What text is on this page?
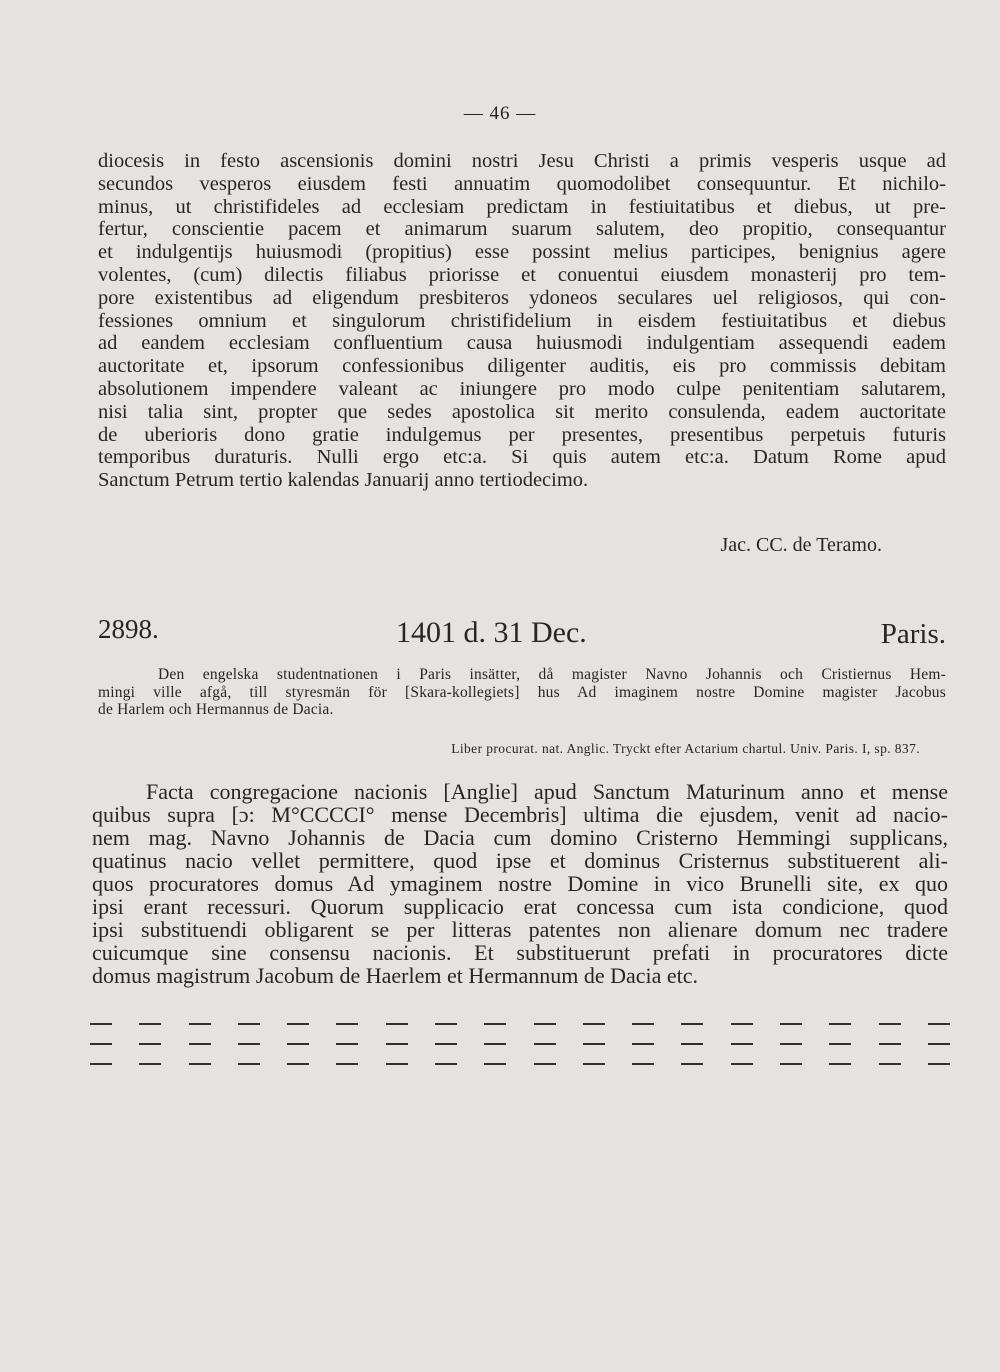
— 46 —
diocesis in festo ascensionis domini nostri Jesu Christi a primis vesperis usque ad
secundos vesperos eiusdem festi annuatim quomodolibet consequuntur. Et nichilo-
minus, ut christifideles ad ecclesiam predictam in festiuitatibus et diebus, ut pre-
fertur, conscientie pacem et animarum suarum salutem, deo propitio, consequantur
et indulgentijs huiusmodi (propitius) esse possint melius participes, benignius agere
volentes, (cum) dilectis filiabus priorisse et conuentui eiusdem monasterij pro tem-
pore existentibus ad eligendum presbiteros ydoneos seculares uel religiosos, qui con-
fessiones omnium et singulorum christifidelium in eisdem festiuitatibus et diebus
ad eandem ecclesiam confluentium causa huiusmodi indulgentiam assequendi eadem
auctoritate et, ipsorum confessionibus diligenter auditis, eis pro commissis debitam
absolutionem impendere valeant ac iniungere pro modo culpe penitentiam salutarem,
nisi talia sint, propter que sedes apostolica sit merito consulenda, eadem auctoritate
de uberioris dono gratie indulgemus per presentes, presentibus perpetuis futuris
temporibus duraturis. Nulli ergo etc:a. Si quis autem etc:a. Datum Rome apud
Sanctum Petrum tertio kalendas Januarij anno tertiodecimo.
Jac. CC. de Teramo.
2898.	1401 d. 31 Dec.	Paris.
Den engelska studentnationen i Paris insätter, då magister Navno Johannis och Cristiernus Hem-
mingi ville afgå, till styresmän för [Skara-kollegiets] hus Ad imaginem nostre Domine magister Jacobus
de Harlem och Hermannus de Dacia.
Liber procurat. nat. Anglic. Tryckt efter Actarium chartul. Univ. Paris. I, sp. 837.
Facta congregacione nacionis [Anglie] apud Sanctum Maturinum anno et mense
quibus supra [ɔ: M°CCCCI° mense Decembris] ultima die ejusdem, venit ad nacio-
nem mag. Navno Johannis de Dacia cum domino Cristerno Hemmingi supplicans,
quatinus nacio vellet permittere, quod ipse et dominus Cristernus substituerent ali-
quos procuratores domus Ad ymaginem nostre Domine in vico Brunelli site, ex quo
ipsi erant recessuri. Quorum supplicacio erat concessa cum ista condicione, quod
ipsi substituendi obligarent se per litteras patentes non alienare domum nec tradere
cuicumque sine consensu nacionis. Et substituerunt prefati in procuratores dicte
domus magistrum Jacobum de Haerlem et Hermannum de Dacia etc.
